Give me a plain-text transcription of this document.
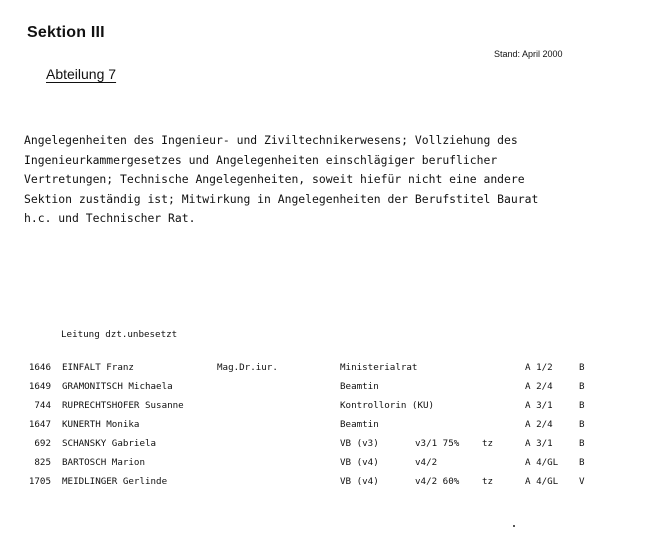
Sektion III
Stand: April 2000
Abteilung 7
Angelegenheiten des Ingenieur- und Ziviltechnikerwesens; Vollziehung des
Ingenieurkammergesetzes und Angelegenheiten einschlägiger beruflicher
Vertretungen; Technische Angelegenheiten, soweit hiefür nicht eine andere
Sektion zuständig ist; Mitwirkung in Angelegenheiten der Berufstitel Baurat
h.c. und Technischer Rat.
Leitung dzt.unbesetzt
1646 EINFALT Franz	Mag.Dr.iur.	Ministerialrat	A 1/2	B
1649 GRAMONITSCH Michaela	Beamtin	A 2/4	B
744 RUPRECHTSHOFER Susanne	Kontrollorin (KU)	A 3/1	B
1647 KUNERTH Monika	Beamtin	A 2/4	B
692 SCHANSKY Gabriela	VB (v3)	v3/1 75% tz	A 3/1	B
825 BARTOSCH Marion	VB (v4)	v4/2	A 4/GL B
1705 MEIDLINGER Gerlinde	VB (v4)	v4/2 60% tz	A 4/GL V
